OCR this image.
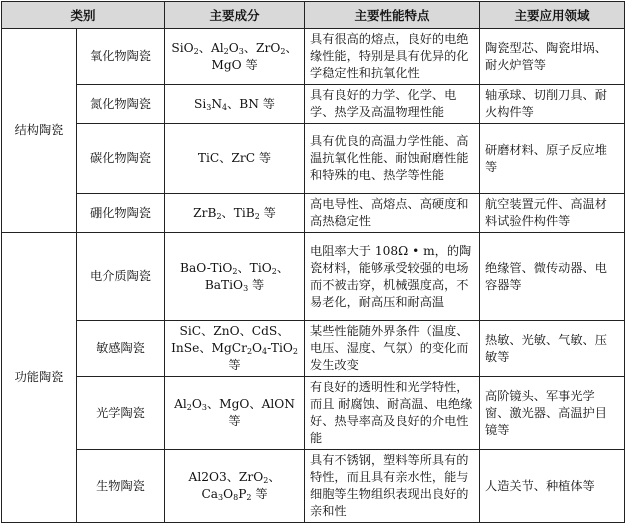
类别		主要成分	主要性能特点	主要应用领域
结构陶瓷	氧化物陶瓷	SiO$_2$、$Al_2O_3$、ZrO$_2$、MgO 等	具有很高的熔点，良好的电绝缘性能，特别是具有优异的化学稳定性和抗氧化性	陶瓷型芯、陶瓷坩埚、耐火炉管等
	氮化物陶瓷	$Si_3N_4$、BN 等	具有良好的力学、化学、电学、热学及高温物理性能	轴承球、切削刀具、耐火构件等
	碳化物陶瓷	TiC、ZrC 等	具有优良的高温力学性能、高温抗氧化性能、耐蚀耐磨性能和特殊的电、热学等性能	研磨材料、原子反应堆等
	硼化物陶瓷	ZrB$_2$、TiB$_2$ 等	高电导性、高熔点、高硬度和高热稳定性	航空装置元件、高温材料试验件构件等
功能陶瓷	电介质陶瓷	BaO-TiO$_2$、TiO$_2$、BaTiO$_3$ 等	电阻率大于 108Ω • m，的陶瓷材料，能够承受较强的电场而不被击穿，机械强度高，不易老化，耐高压和耐高温	绝缘管、微传动器、电容器等
	敏感陶瓷	SiC、ZnO、CdS、InSe、$MgCr_2O_4-TiO_2$ 等	某些性能随外界条件（温度、电压、湿度、气氛）的变化而发生改变	热敏、光敏、气敏、压敏等
	光学陶瓷	$Al_2O_3$、MgO、AlON 等	有良好的透明性和光学特性，而且 耐腐蚀、耐高温、电绝缘好、热导率高及良好的介电性能	高阶镜头、军事光学窗、激光器、高温护目镜等
	生物陶瓷	Al2O3、ZrO$_2$、$Ca_3O_8P_2$ 等	具有不锈钢，塑料等所具有的特性，而且具有亲水性，能与细胞等生物组织表现出良好的亲和性	人造关节、种植体等
